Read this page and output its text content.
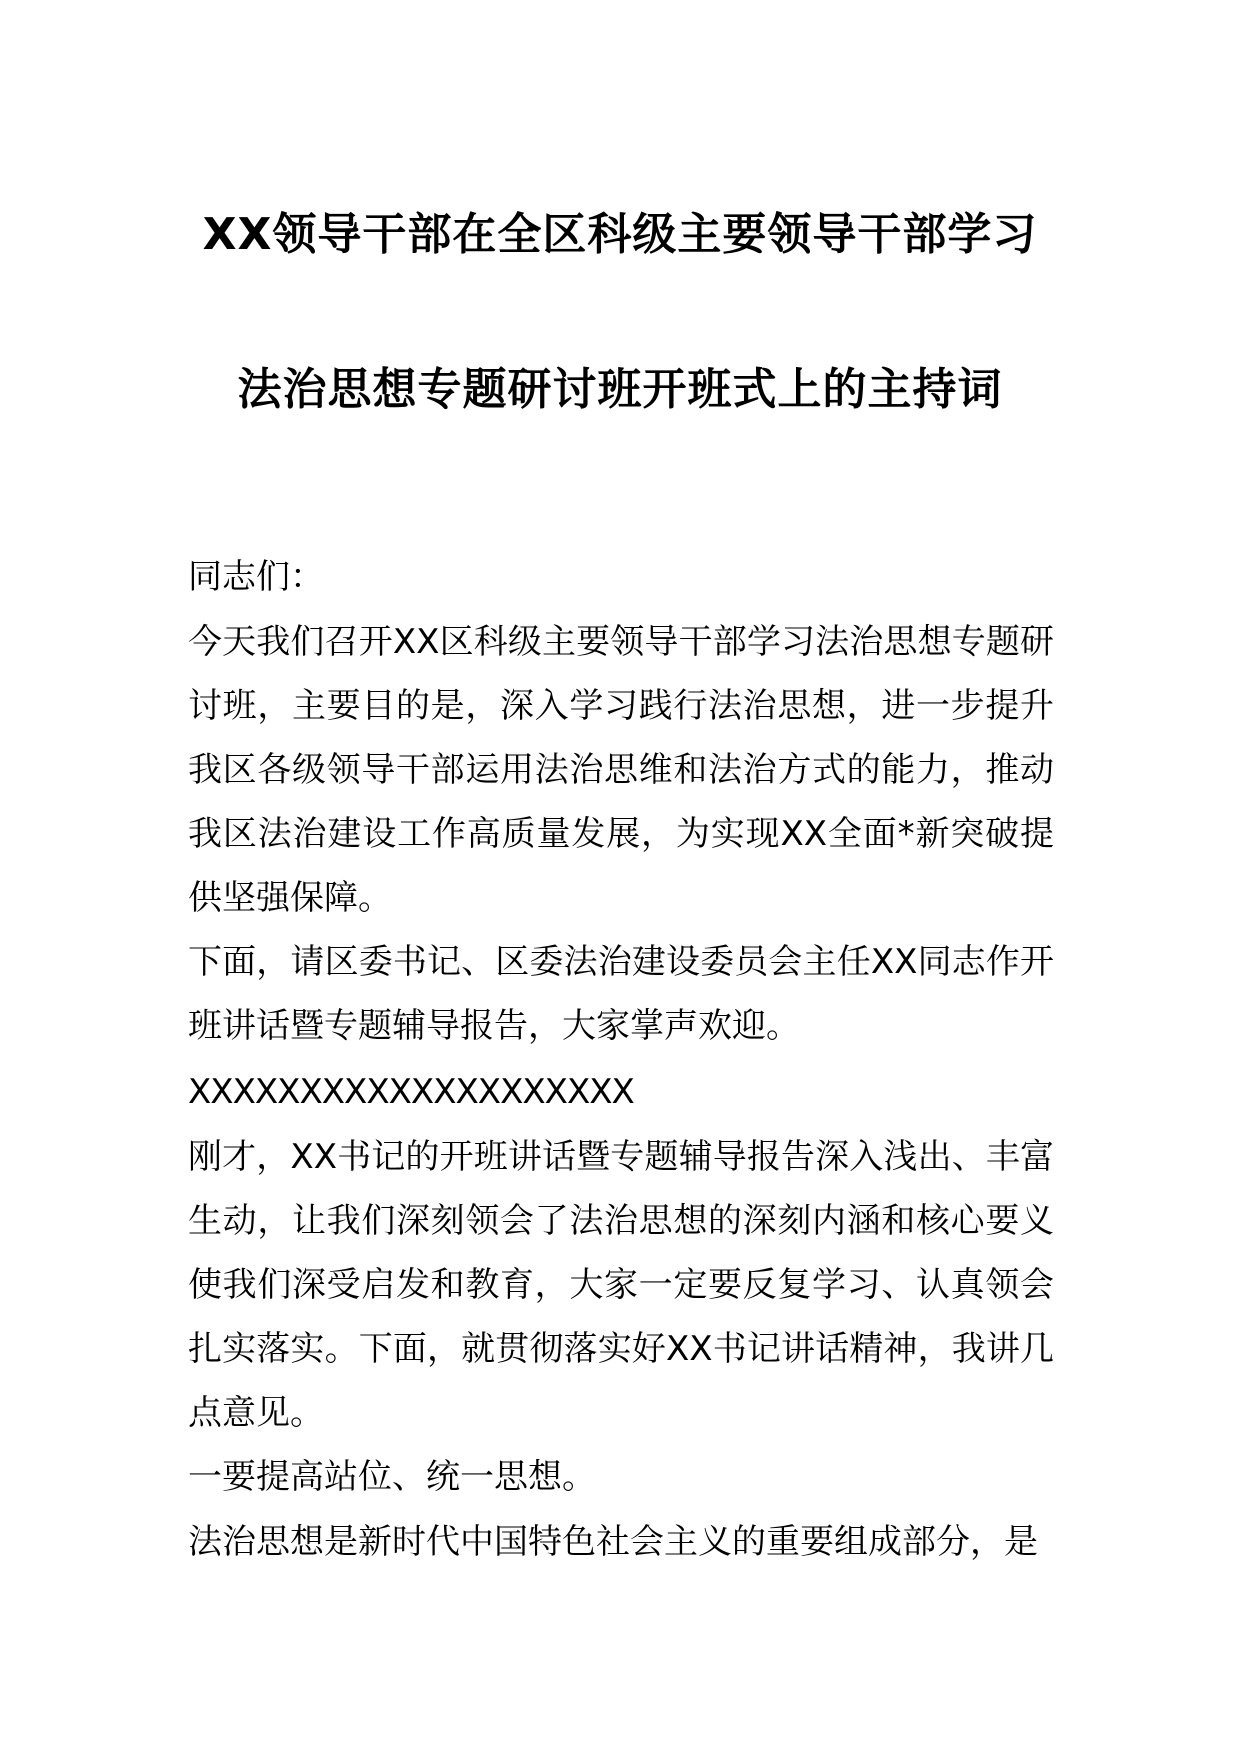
XX领导干部在全区科级主要领导干部学习
法治思想专题研讨班开班式上的主持词
同志们：
今天我们召开XX区科级主要领导干部学习法治思想专题研讨班，主要目的是，深入学习践行法治思想，进一步提升我区各级领导干部运用法治思维和法治方式的能力，推动我区法治建设工作高质量发展，为实现XX全面*新突破提供坚强保障。
下面，请区委书记、区委法治建设委员会主任XX同志作开班讲话暨专题辅导报告，大家掌声欢迎。
XXXXXXXXXXXXXXXXXXXX
刚才，XX书记的开班讲话暨专题辅导报告深入浅出、丰富生动，让我们深刻领会了法治思想的深刻内涵和核心要义使我们深受启发和教育，大家一定要反复学习、认真领会扎实落实。下面，就贯彻落实好XX书记讲话精神，我讲几点意见。
一要提高站位、统一思想。
法治思想是新时代中国特色社会主义的重要组成部分，是
